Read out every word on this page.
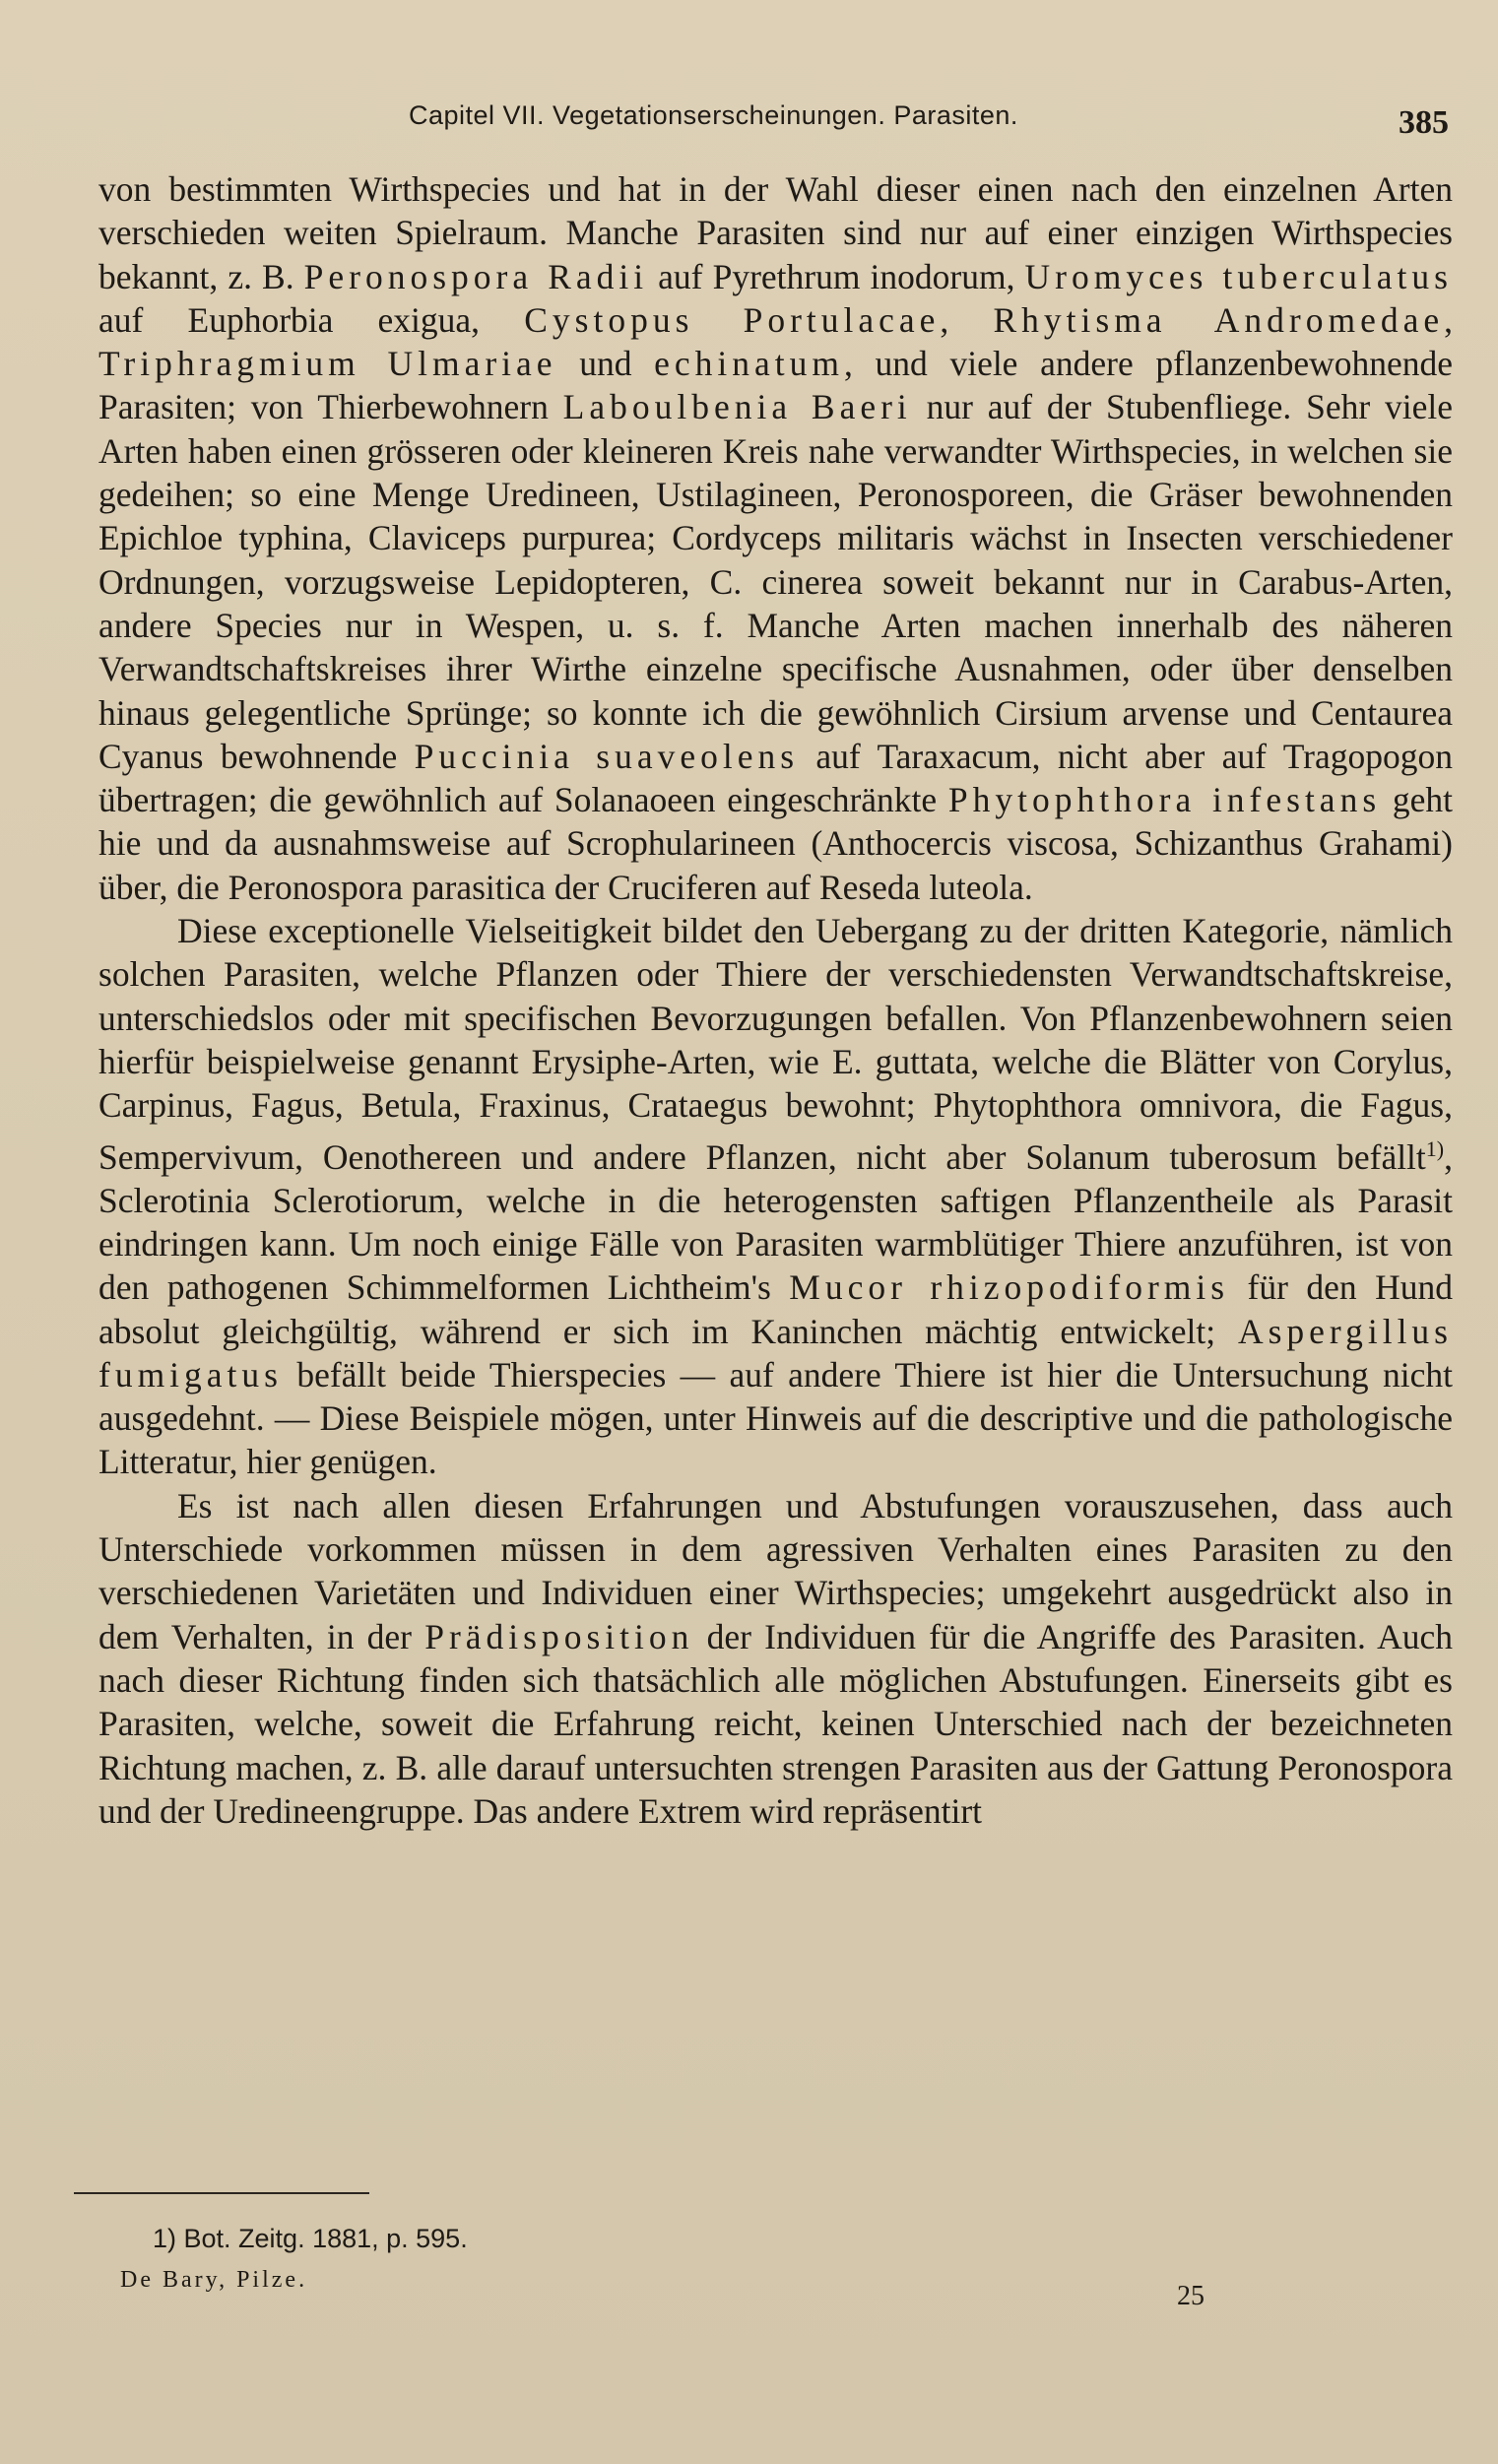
Capitel VII. Vegetationserscheinungen. Parasiten.	385

von bestimmten Wirthspecies und hat in der Wahl dieser einen nach den einzelnen Arten verschieden weiten Spielraum. Manche Parasiten sind nur auf einer einzigen Wirthspecies bekannt, z. B. Peronospora Radii auf Pyrethrum inodorum, Uromyces tuberculatus auf Euphorbia exigua, Cystopus Portulacae, Rhytisma Andromedae, Triphragmium Ulmariae und echinatum, und viele andere pflanzenbewohnende Parasiten; von Thierbewohnern Laboulbenia Baeri nur auf der Stubenfliege. Sehr viele Arten haben einen grösseren oder kleineren Kreis nahe verwandter Wirthspecies, in welchen sie gedeihen; so eine Menge Uredineen, Ustilagineen, Peronosporeen, die Gräser bewohnenden Epichloe typhina, Claviceps purpurea; Cordyceps militaris wächst in Insecten verschiedener Ordnungen, vorzugsweise Lepidopteren, C. cinerea soweit bekannt nur in Carabus-Arten, andere Species nur in Wespen, u. s. f. Manche Arten machen innerhalb des näheren Verwandtschaftskreises ihrer Wirthe einzelne specifische Ausnahmen, oder über denselben hinaus gelegentliche Sprünge; so konnte ich die gewöhnlich Cirsium arvense und Centaurea Cyanus bewohnende Puccinia suaveolens auf Taraxacum, nicht aber auf Tragopogon übertragen; die gewöhnlich auf Solanaoeen eingeschränkte Phytophthora infestans geht hie und da ausnahmsweise auf Scrophularineen (Anthocercis viscosa, Schizanthus Grahami) über, die Peronospora parasitica der Cruciferen auf Reseda luteola.

Diese exceptionelle Vielseitigkeit bildet den Uebergang zu der dritten Kategorie, nämlich solchen Parasiten, welche Pflanzen oder Thiere der verschiedensten Verwandtschaftskreise, unterschiedslos oder mit specifischen Bevorzugungen befallen. Von Pflanzenbewohnern seien hierfür beispielweise genannt Erysiphe-Arten, wie E. guttata, welche die Blätter von Corylus, Carpinus, Fagus, Betula, Fraxinus, Crataegus bewohnt; Phytophthora omnivora, die Fagus, Sempervivum, Oenothereen und andere Pflanzen, nicht aber Solanum tuberosum befällt$^{1)}$, Sclerotinia Sclerotiorum, welche in die heterogensten saftigen Pflanzentheile als Parasit eindringen kann. Um noch einige Fälle von Parasiten warmblütiger Thiere anzuführen, ist von den pathogenen Schimmelformen Lichtheim's Mucor rhizopodiformis für den Hund absolut gleichgültig, während er sich im Kaninchen mächtig entwickelt; Aspergillus fumigatus befällt beide Thierspecies — auf andere Thiere ist hier die Untersuchung nicht ausgedehnt. — Diese Beispiele mögen, unter Hinweis auf die descriptive und die pathologische Litteratur, hier genügen.

Es ist nach allen diesen Erfahrungen und Abstufungen vorauszusehen, dass auch Unterschiede vorkommen müssen in dem agressiven Verhalten eines Parasiten zu den verschiedenen Varietäten und Individuen einer Wirthspecies; umgekehrt ausgedrückt also in dem Verhalten, in der Prädisposition der Individuen für die Angriffe des Parasiten. Auch nach dieser Richtung finden sich thatsächlich alle möglichen Abstufungen. Einerseits gibt es Parasiten, welche, soweit die Erfahrung reicht, keinen Unterschied nach der bezeichneten Richtung machen, z. B. alle darauf untersuchten strengen Parasiten aus der Gattung Peronospora und der Uredineengruppe. Das andere Extrem wird repräsentirt

1) Bot. Zeitg. 1881, p. 595.
De Bary, Pilze.
25
